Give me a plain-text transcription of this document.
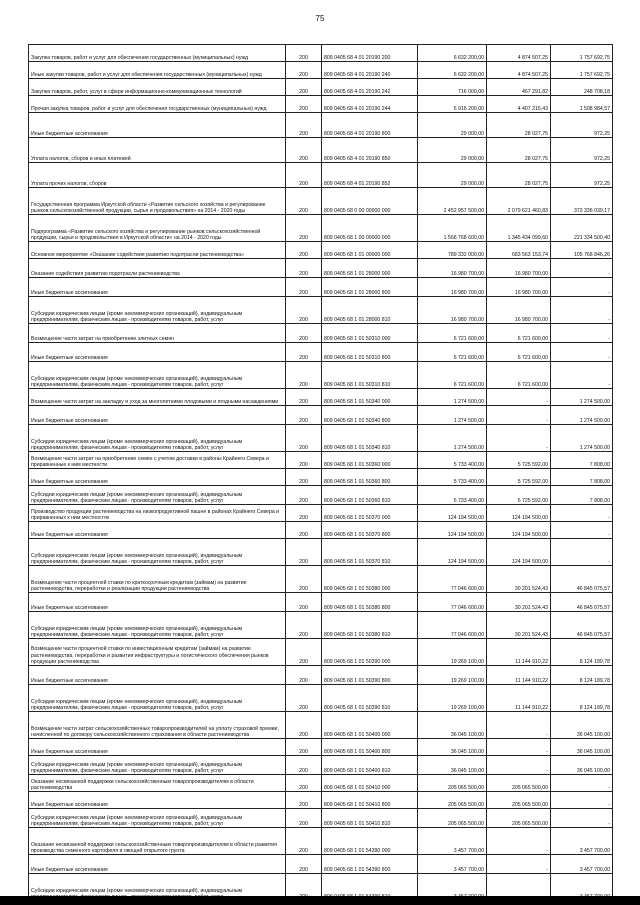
75
Закупка товаров, работ и услуг для обеспечения государственных (муниципальных) нужд	200	809 0405 68 4 01 20190 200	6 632 200,00	4 874 507,25	1 757 692,75
Иные закупки товаров, работ и услуг для обеспечения государственных (муниципальных) нужд	200	809 0405 68 4 01 20190 240	6 632 200,00	4 874 507,25	1 757 692,75
Закупка товаров, работ, услуг в сфере информационно-коммуникационных технологий	200	809 0405 68 4 01 20190 242	716 000,00	467 291,82	248 708,18
Прочая закупка товаров, работ и услуг для обеспечения государственных (муниципальных) нужд	200	809 0405 68 4 01 20190 244	5 916 200,00	4 407 215,43	1 508 984,57
Иные бюджетные ассигнования	200	809 0405 68 4 01 20190 800	29 000,00	28 027,75	972,25
Уплата налогов, сборов и иных платежей	200	809 0405 68 4 01 20190 850	29 000,00	28 027,75	972,25
Уплата прочих налогов, сборов	200	809 0405 68 4 01 20190 852	29 000,00	28 027,75	972,25
Государственная программа Иркутской области «Развитие сельского хозяйства и регулирование рынков сельскохозяйственной продукции, сырья и продовольствия» на 2014 - 2020 годы	200	809 0405 68 0 00 00000 000	2 452 957 500,00	2 079 621 460,83	373 336 039,17
Подпрограмма «Развитие сельского хозяйства и регулирование рынков сельскохозяйственной продукции, сырья и продовольствия в Иркутской области» на 2014 - 2020 годы	200	809 0405 68 1 00 00000 000	1 566 768 600,00	1 345 434 099,60	221 334 500,40
Основное мероприятие «Оказание содействия развитию подотрасли растениеводства»	200	809 0405 68 1 01 00000 000	789 332 000,00	683 563 153,74	105 768 846,26
Оказание содействия развитию подотрасли растениеводства	200	809 0405 68 1 01 28000 000	16 980 700,00	16 980 700,00	-
Иные бюджетные ассигнования	200	809 0405 68 1 01 28000 800	16 980 700,00	16 980 700,00	-
Субсидии юридическим лицам (кроме некоммерческих организаций), индивидуальным предпринимателям, физическим лицам - производителям товаров, работ, услуг	200	809 0405 68 1 01 28000 810	16 980 700,00	16 980 700,00	-
Возмещение части затрат на приобретение элитных семян	200	809 0405 68 1 01 50310 000	6 721 600,00	6 721 600,00	-
Иные бюджетные ассигнования	200	809 0405 68 1 01 50310 800	6 721 600,00	6 721 600,00	-
Субсидии юридическим лицам (кроме некоммерческих организаций), индивидуальным предпринимателям, физическим лицам - производителям товаров, работ, услуг	200	809 0405 68 1 01 50310 810	6 721 600,00	6 721 600,00	-
Возмещение части затрат на закладку и уход за многолетними плодовыми и ягодными насаждениями	200	809 0405 68 1 01 50340 000	1 274 500,00	-	1 274 500,00
Иные бюджетные ассигнования	200	809 0405 68 1 01 50340 800	1 274 500,00	-	1 274 500,00
Субсидии юридическим лицам (кроме некоммерческих организаций), индивидуальным предпринимателям, физическим лицам - производителям товаров, работ, услуг	200	809 0405 68 1 01 50340 810	1 274 500,00	-	1 274 500,00
Возмещение части затрат на приобретение семян с учетом доставки в районы Крайнего Севера и приравненные к ним местности	200	809 0405 68 1 01 50360 000	5 733 400,00	5 725 592,00	7 808,00
Иные бюджетные ассигнования	200	809 0405 68 1 01 50360 800	5 733 400,00	5 725 592,00	7 808,00
Субсидии юридическим лицам (кроме некоммерческих организаций), индивидуальным предпринимателям, физическим лицам - производителям товаров, работ, услуг	200	809 0405 68 1 01 50360 810	5 733 400,00	5 725 592,00	7 808,00
Производство продукции растениеводства на низкопродуктивной пашне в районах Крайнего Севера и приравненных к ним местностях	200	809 0405 68 1 01 50370 000	124 194 500,00	124 194 500,00	-
Иные бюджетные ассигнования	200	809 0405 68 1 01 50370 800	124 194 500,00	124 194 500,00	-
Субсидии юридическим лицам (кроме некоммерческих организаций), индивидуальным предпринимателям, физическим лицам - производителям товаров, работ, услуг	200	809 0405 68 1 01 50370 810	124 194 500,00	124 194 500,00	-
Возмещение части процентной ставки по краткосрочным кредитам (займам) на развитие растениеводства, переработки и реализации продукции растениеводства	200	809 0405 68 1 01 50380 000	77 046 600,00	30 201 524,43	46 845 075,57
Иные бюджетные ассигнования	200	809 0405 68 1 01 50380 800	77 046 600,00	30 201 524,43	46 845 075,57
Субсидии юридическим лицам (кроме некоммерческих организаций), индивидуальным предпринимателям, физическим лицам - производителям товаров, работ, услуг	200	809 0405 68 1 01 50380 810	77 046 600,00	30 201 524,43	46 845 075,57
Возмещение части процентной ставки по инвестиционным кредитам (займам) на развитие растениеводства, переработки и развития инфраструктуры и логистического обеспечения рынков продукции растениеводства	200	809 0405 68 1 01 50390 000	19 269 100,00	11 144 910,22	8 124 189,78
Иные бюджетные ассигнования	200	809 0405 68 1 01 50390 800	19 269 100,00	11 144 910,22	8 124 189,78
Субсидии юридическим лицам (кроме некоммерческих организаций), индивидуальным предпринимателям, физическим лицам - производителям товаров, работ, услуг	200	809 0405 68 1 01 50390 810	19 269 100,00	11 144 910,22	8 124 189,78
Возмещение части затрат сельскохозяйственных товаропроизводителей на уплату страховой премии, начисленной по договору сельскохозяйственного страхования в области растениеводства	200	809 0405 68 1 01 50400 000	36 045 100,00	-	36 045 100,00
Иные бюджетные ассигнования	200	809 0405 68 1 01 50400 800	36 045 100,00	-	36 045 100,00
Субсидии юридическим лицам (кроме некоммерческих организаций), индивидуальным предпринимателям, физическим лицам - производителям товаров, работ, услуг	200	809 0405 68 1 01 50400 810	36 045 100,00	-	36 045 100,00
Оказание несвязанной поддержки сельскохозяйственным товаропроизводителям в области растениеводства	200	809 0405 68 1 01 50410 000	205 065 500,00	205 065 500,00	-
Иные бюджетные ассигнования	200	809 0405 68 1 01 50410 800	205 065 500,00	205 065 500,00	-
Субсидии юридическим лицам (кроме некоммерческих организаций), индивидуальным предпринимателям, физическим лицам - производителям товаров, работ, услуг	200	809 0405 68 1 01 50410 810	205 065 500,00	205 065 500,00	-
Оказание несвязанной поддержки сельскохозяйственным товаропроизводителям в области развития производства семенного картофеля и овощей открытого грунта	200	809 0405 68 1 01 54390 000	3 457 700,00	-	3 457 700,00
Иные бюджетные ассигнования	200	809 0405 68 1 01 54390 800	3 457 700,00	-	3 457 700,00
Субсидии юридическим лицам (кроме некоммерческих организаций), индивидуальным					
